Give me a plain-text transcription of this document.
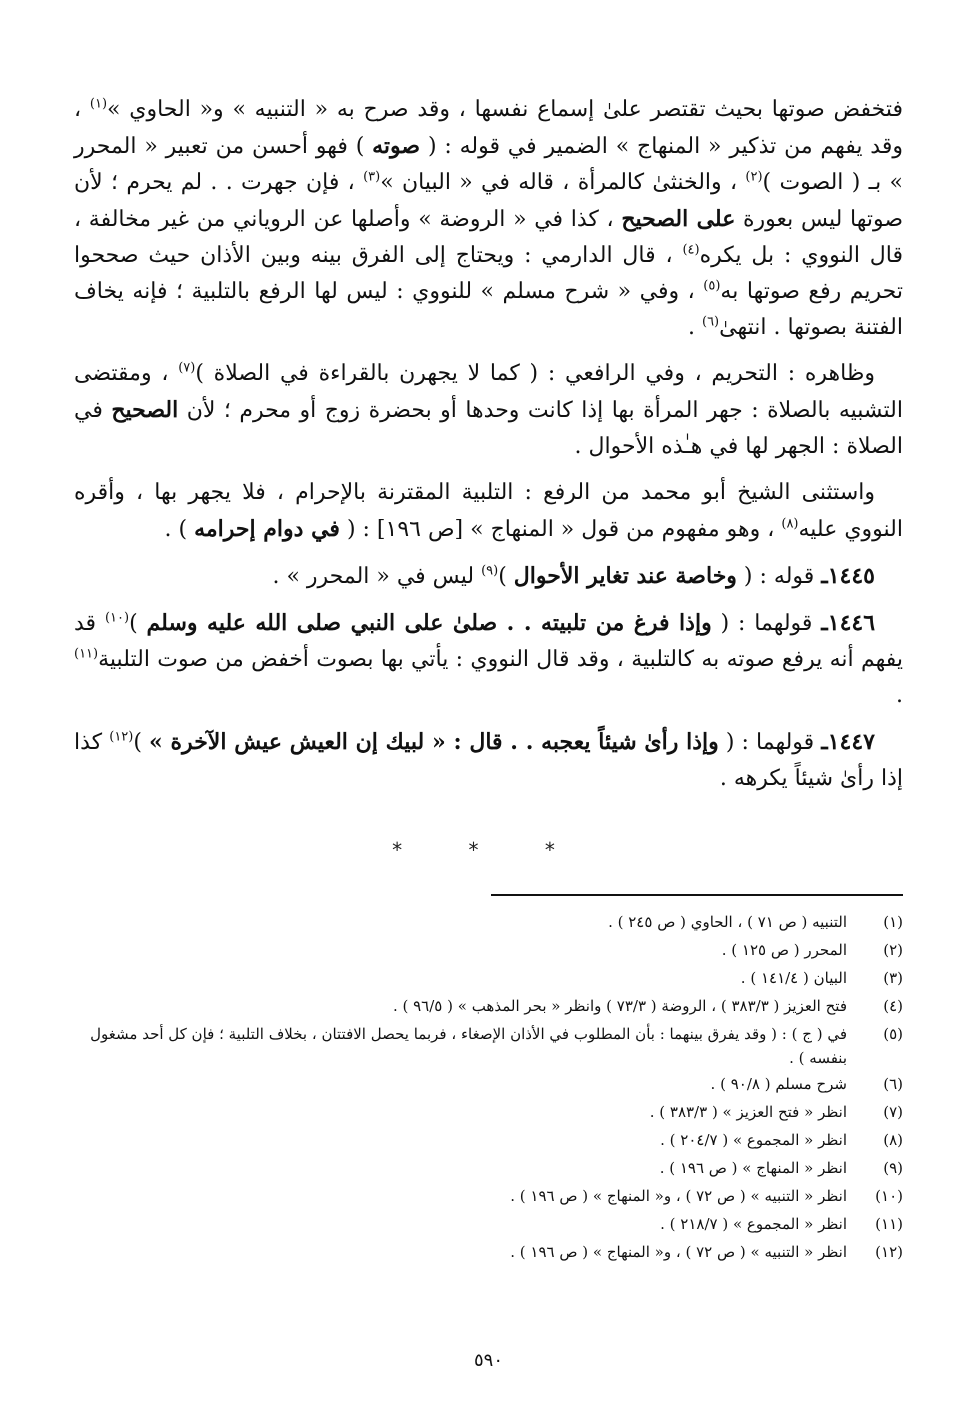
فتخفض صوتها بحيث تقتصر علىٰ إسماع نفسها ، وقد صرح به « التنبيه » و« الحاوي »$^{(١)}$ ، وقد يفهم من تذكير « المنهاج » الضمير في قوله : ( صوته ) فهو أحسن من تعبير « المحرر » بـ ( الصوت )$^{(٢)}$ ، والخنثىٰ كالمرأة ، قاله في « البيان »$^{(٣)}$ ، فإن جهرت . . لم يحرم ؛ لأن صوتها ليس بعورة على الصحيح ، كذا في « الروضة » وأصلها عن الروياني من غير مخالفة ، قال النووي : بل يكره$^{(٤)}$ ، قال الدارمي : ويحتاج إلى الفرق بينه وبين الأذان حيث صححوا تحريم رفع صوتها به$^{(٥)}$ ، وفي « شرح مسلم » للنووي : ليس لها الرفع بالتلبية ؛ فإنه يخاف الفتنة بصوتها . انتهىٰ$^{(٦)}$ .

وظاهره : التحريم ، وفي الرافعي : ( كما لا يجهرن بالقراءة في الصلاة )$^{(٧)}$ ، ومقتضى التشبيه بالصلاة : جهر المرأة بها إذا كانت وحدها أو بحضرة زوج أو محرم ؛ لأن الصحيح في الصلاة : الجهر لها في هـٰذه الأحوال .

واستثنى الشيخ أبو محمد من الرفع : التلبية المقترنة بالإحرام ، فلا يجهر بها ، وأقره النووي عليه$^{(٨)}$ ، وهو مفهوم من قول « المنهاج » [ص ١٩٦] : ( في دوام إحرامه ) .

١٤٤٥ـ قوله : ( وخاصة عند تغاير الأحوال )$^{(٩)}$ ليس في « المحرر » .

١٤٤٦ـ قولهما : ( وإذا فرغ من تلبيته . . صلىٰ على النبي صلى الله عليه وسلم )$^{(١٠)}$ قد يفهم أنه يرفع صوته به كالتلبية ، وقد قال النووي : يأتي بها بصوت أخفض من صوت التلبية$^{(١١)}$ .

١٤٤٧ـ قولهما : ( وإذا رأىٰ شيئاً يعجبه . . قال : « لبيك إن العيش عيش الآخرة » )$^{(١٢)}$ كذا إذا رأىٰ شيئاً يكرهه .

* * *
(١)
التنبيه ( ص ٧١ ) ، الحاوي ( ص ٢٤٥ ) .
(٢)
المحرر ( ص ١٢٥ ) .
(٣)
البيان ( ١٤١/٤ ) .
(٤)
فتح العزيز ( ٣٨٣/٣ ) ، الروضة ( ٧٣/٣ ) وانظر « بحر المذهب » ( ٩٦/٥ ) .
(٥)
في ( ج ) : ( وقد يفرق بينهما : بأن المطلوب في الأذان الإصغاء ، فربما يحصل الافتتان ، بخلاف التلبية ؛ فإن كل أحد مشغول بنفسه ) .
(٦)
شرح مسلم ( ٩٠/٨ ) .
(٧)
انظر « فتح العزيز » ( ٣٨٣/٣ ) .
(٨)
انظر « المجموع » ( ٢٠٤/٧ ) .
(٩)
انظر « المنهاج » ( ص ١٩٦ ) .
(١٠)
انظر « التنبيه » ( ص ٧٢ ) ، و« المنهاج » ( ص ١٩٦ ) .
(١١)
انظر « المجموع » ( ٢١٨/٧ ) .
(١٢)
انظر « التنبيه » ( ص ٧٢ ) ، و« المنهاج » ( ص ١٩٦ ) .
٥٩٠
